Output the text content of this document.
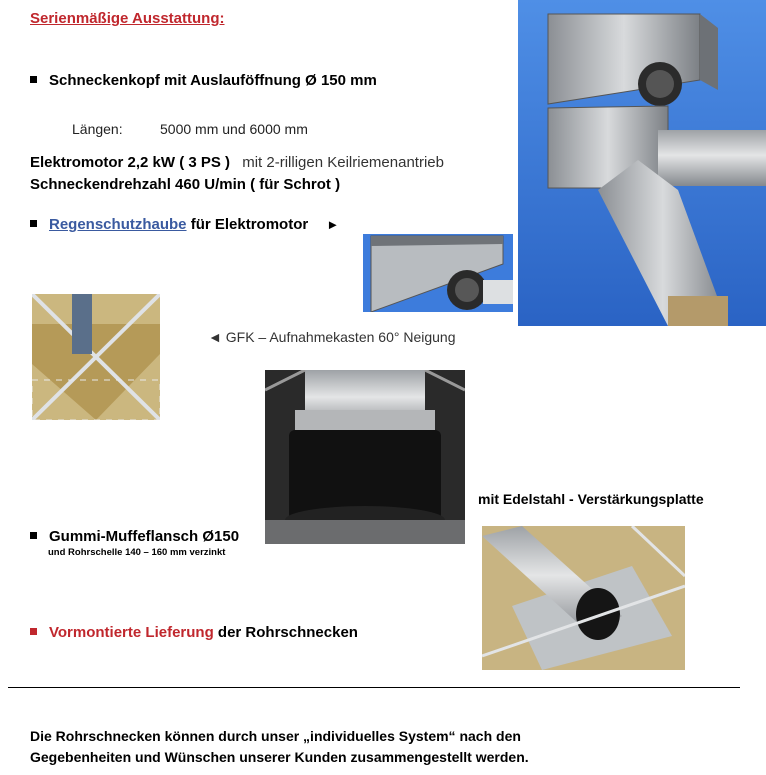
Serienmäßige Ausstattung:
Schneckenkopf mit Auslauföffnung Ø 150 mm
Längen:	5000 mm und 6000 mm
Elektromotor 2,2 kW ( 3 PS ) mit 2-rilligen Keilriemenantrieb
Schneckendrehzahl 460 U/min ( für Schrot )
Regenschutzhaube für Elektromotor ►
◄ GFK – Aufnahmekasten 60° Neigung
mit Edelstahl - Verstärkungsplatte
Gummi-Muffeflansch Ø150
und Rohrschelle 140 – 160 mm verzinkt
Vormontierte Lieferung der Rohrschnecken
Die Rohrschnecken können durch unser „individuelles System“ nach den
Gegebenheiten und Wünschen unserer Kunden zusammengestellt werden.
